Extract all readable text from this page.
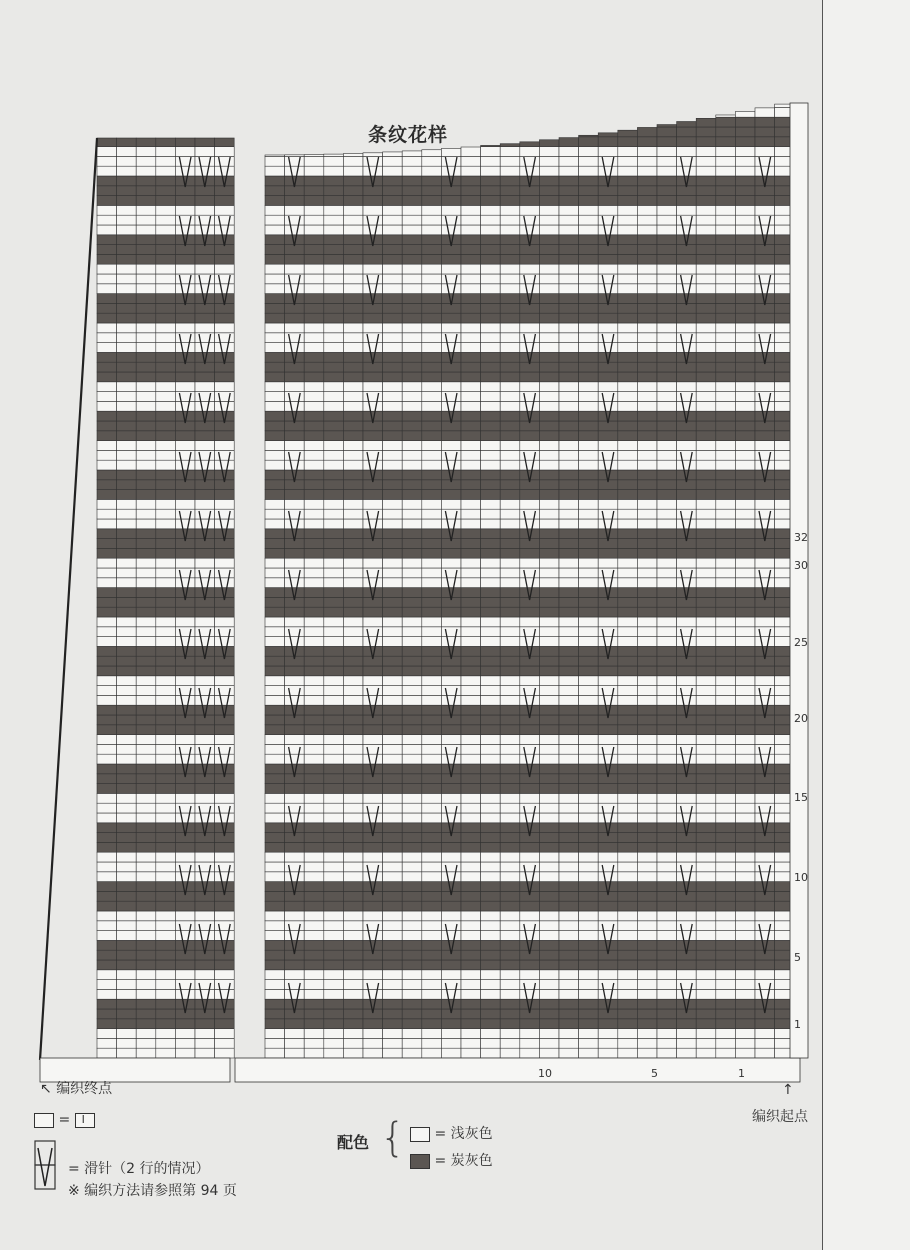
条纹花样
1
5
10
15
20
25
30
32
10	5	1
↖ 编织终点	↑
编织起点
= I
= 滑针（2 行的情况）
※ 编织方法请参照第 94 页
配色 {	= 浅灰色
= 炭灰色
